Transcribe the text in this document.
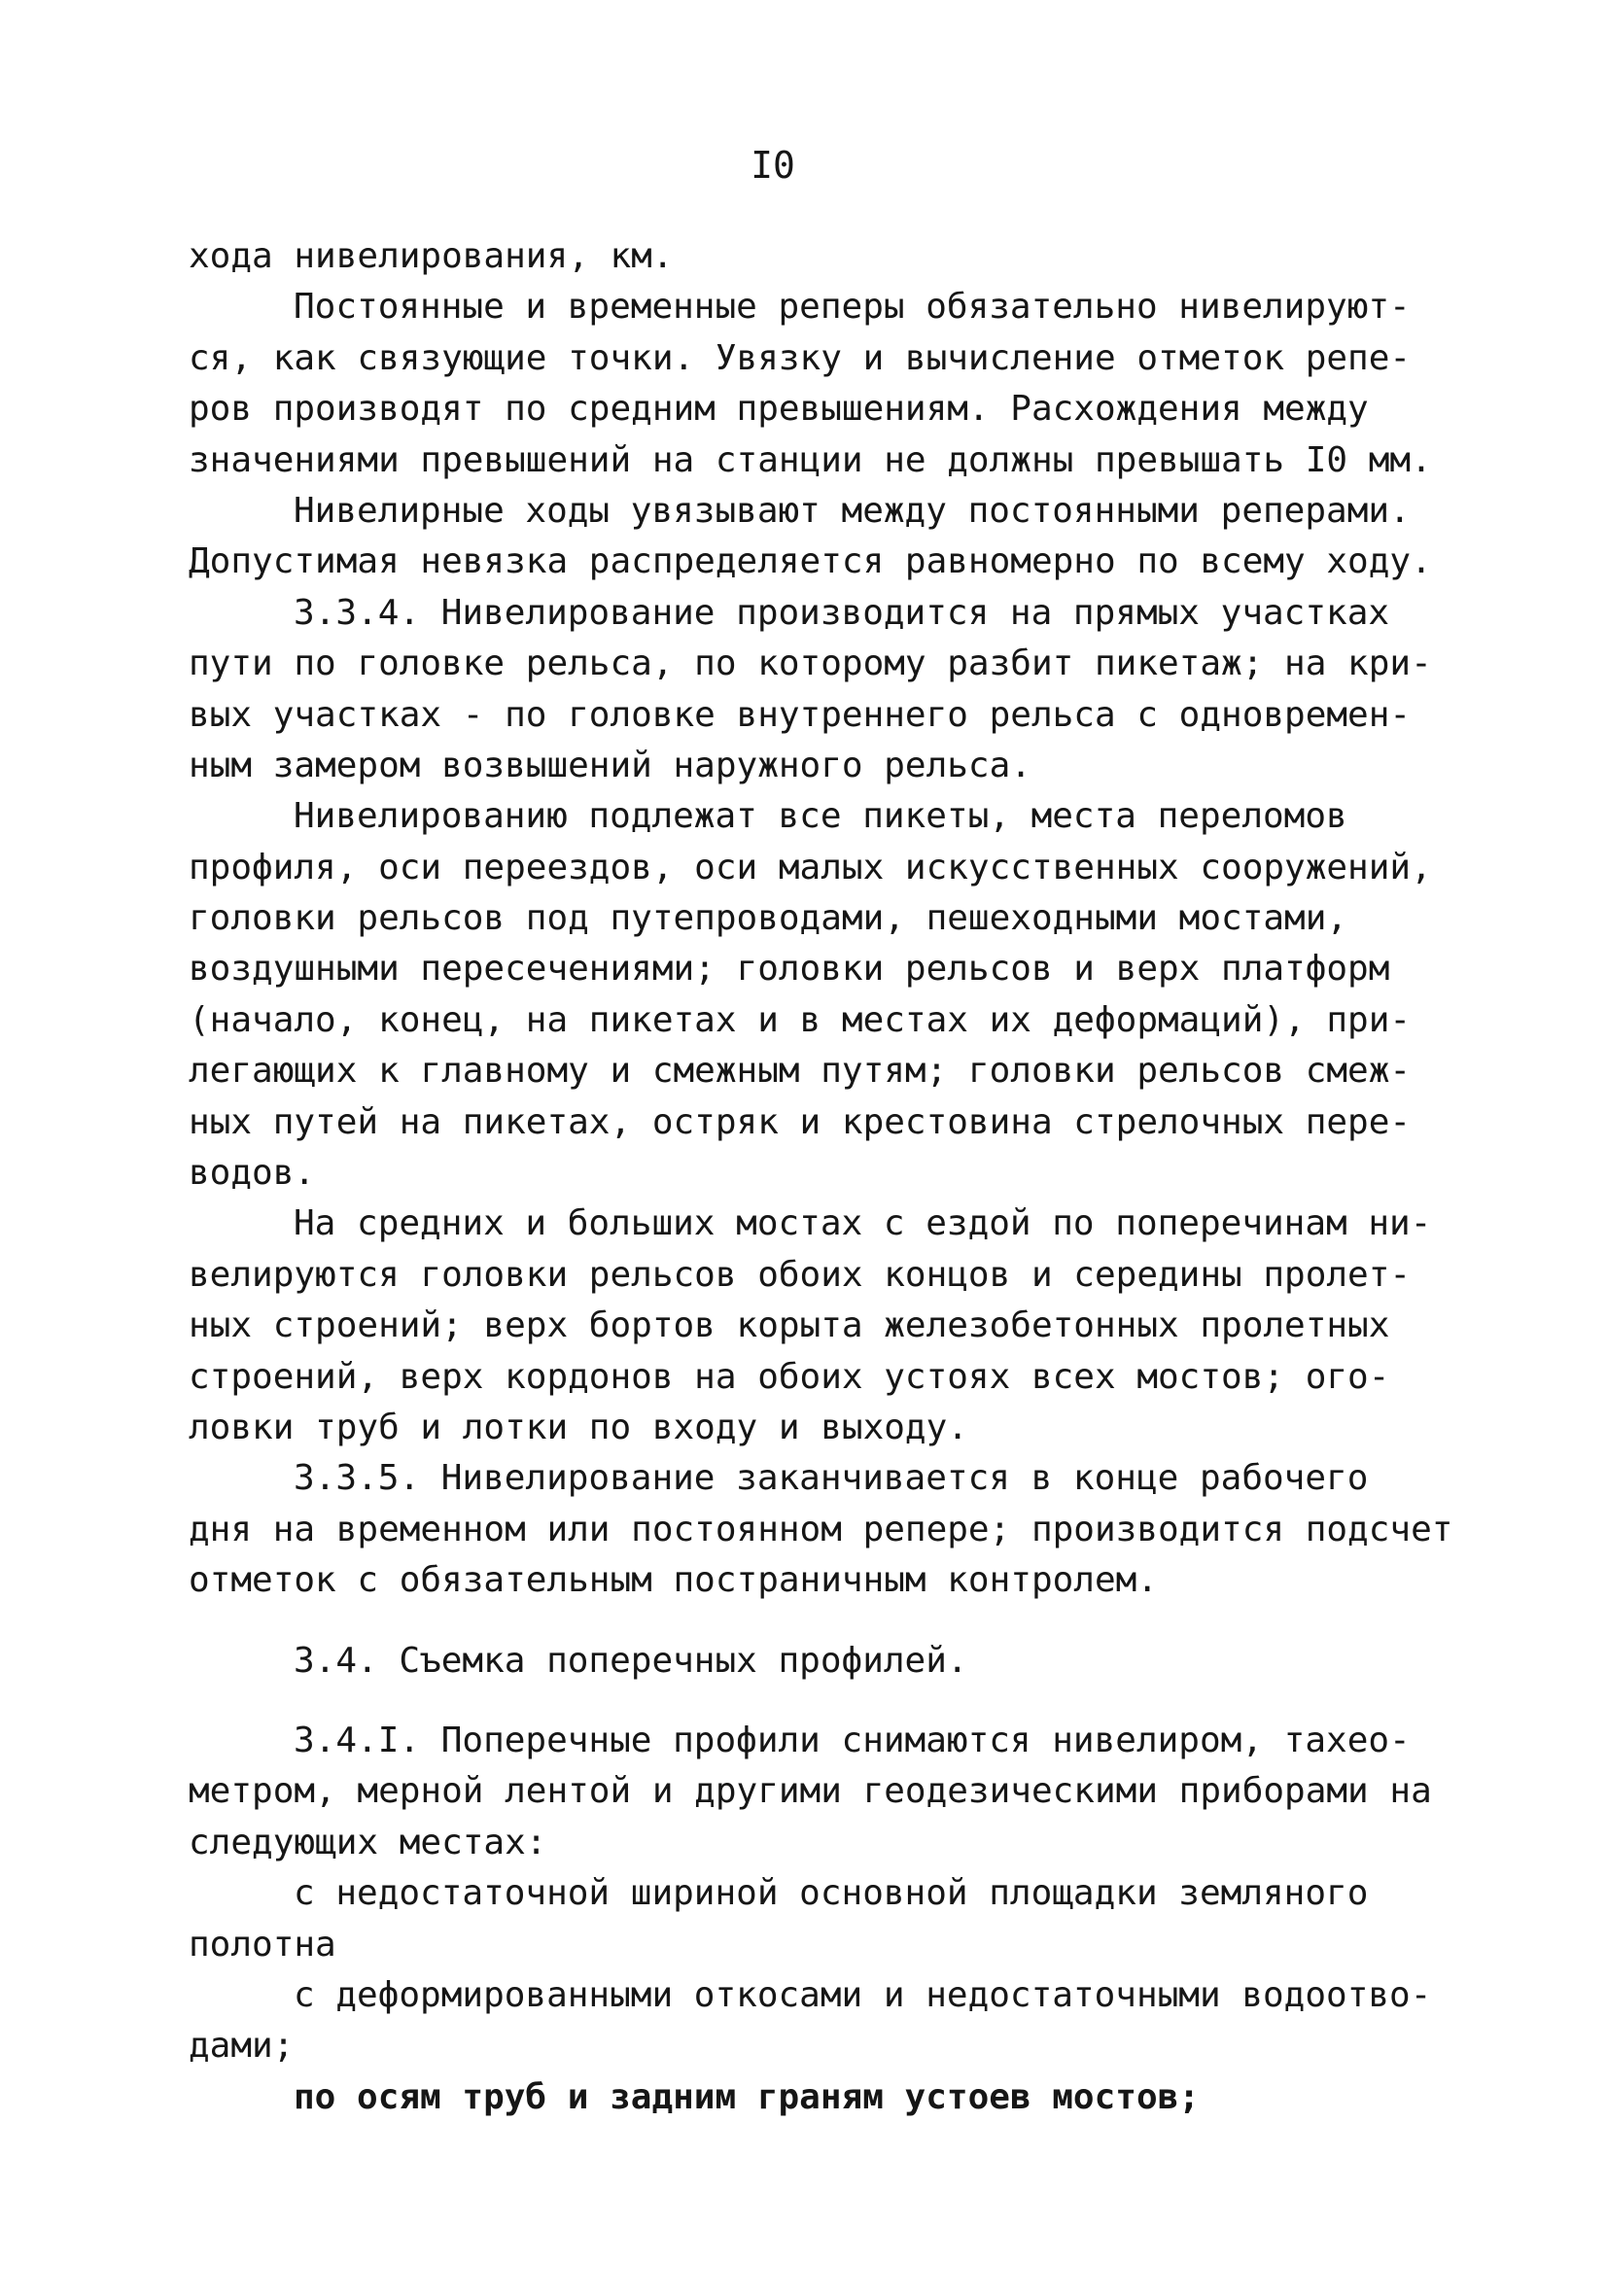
I0
хода нивелирования, км.
Постоянные и временные реперы обязательно нивелируют-
ся, как связующие точки. Увязку и вычисление отметок репе-
ров производят по средним превышениям. Расхождения между
значениями превышений на станции не должны превышать I0 мм.
Нивелирные ходы увязывают между постоянными реперами.
Допустимая невязка распределяется равномерно по всему ходу.
3.3.4. Нивелирование производится на прямых участках
пути по головке рельса, по которому разбит пикетаж; на кри-
вых участках - по головке внутреннего рельса с одновремен-
ным замером возвышений наружного рельса.
Нивелированию подлежат все пикеты, места переломов
профиля, оси переездов, оси малых искусственных сооружений,
головки рельсов под путепроводами, пешеходными мостами,
воздушными пересечениями; головки рельсов и верх платформ
(начало, конец, на пикетах и в местах их деформаций), при-
легающих к главному и смежным путям; головки рельсов смеж-
ных путей на пикетах, остряк и крестовина стрелочных пере-
водов.
На средних и больших мостах с ездой по поперечинам ни-
велируются головки рельсов обоих концов и середины пролет-
ных строений; верх бортов корыта железобетонных пролетных
строений, верх кордонов на обоих устоях всех мостов; ого-
ловки труб и лотки по входу и выходу.
3.3.5. Нивелирование заканчивается в конце рабочего
дня на временном или постоянном репере; производится подсчет
отметок с обязательным постраничным контролем.
3.4. Съемка поперечных профилей.
3.4.I. Поперечные профили снимаются нивелиром, тахео-
метром, мерной лентой и другими геодезическими приборами на
следующих местах:
с недостаточной шириной основной площадки земляного
полотна
с деформированными откосами и недостаточными водоотво-
дами;
по осям труб и задним граням устоев мостов;
